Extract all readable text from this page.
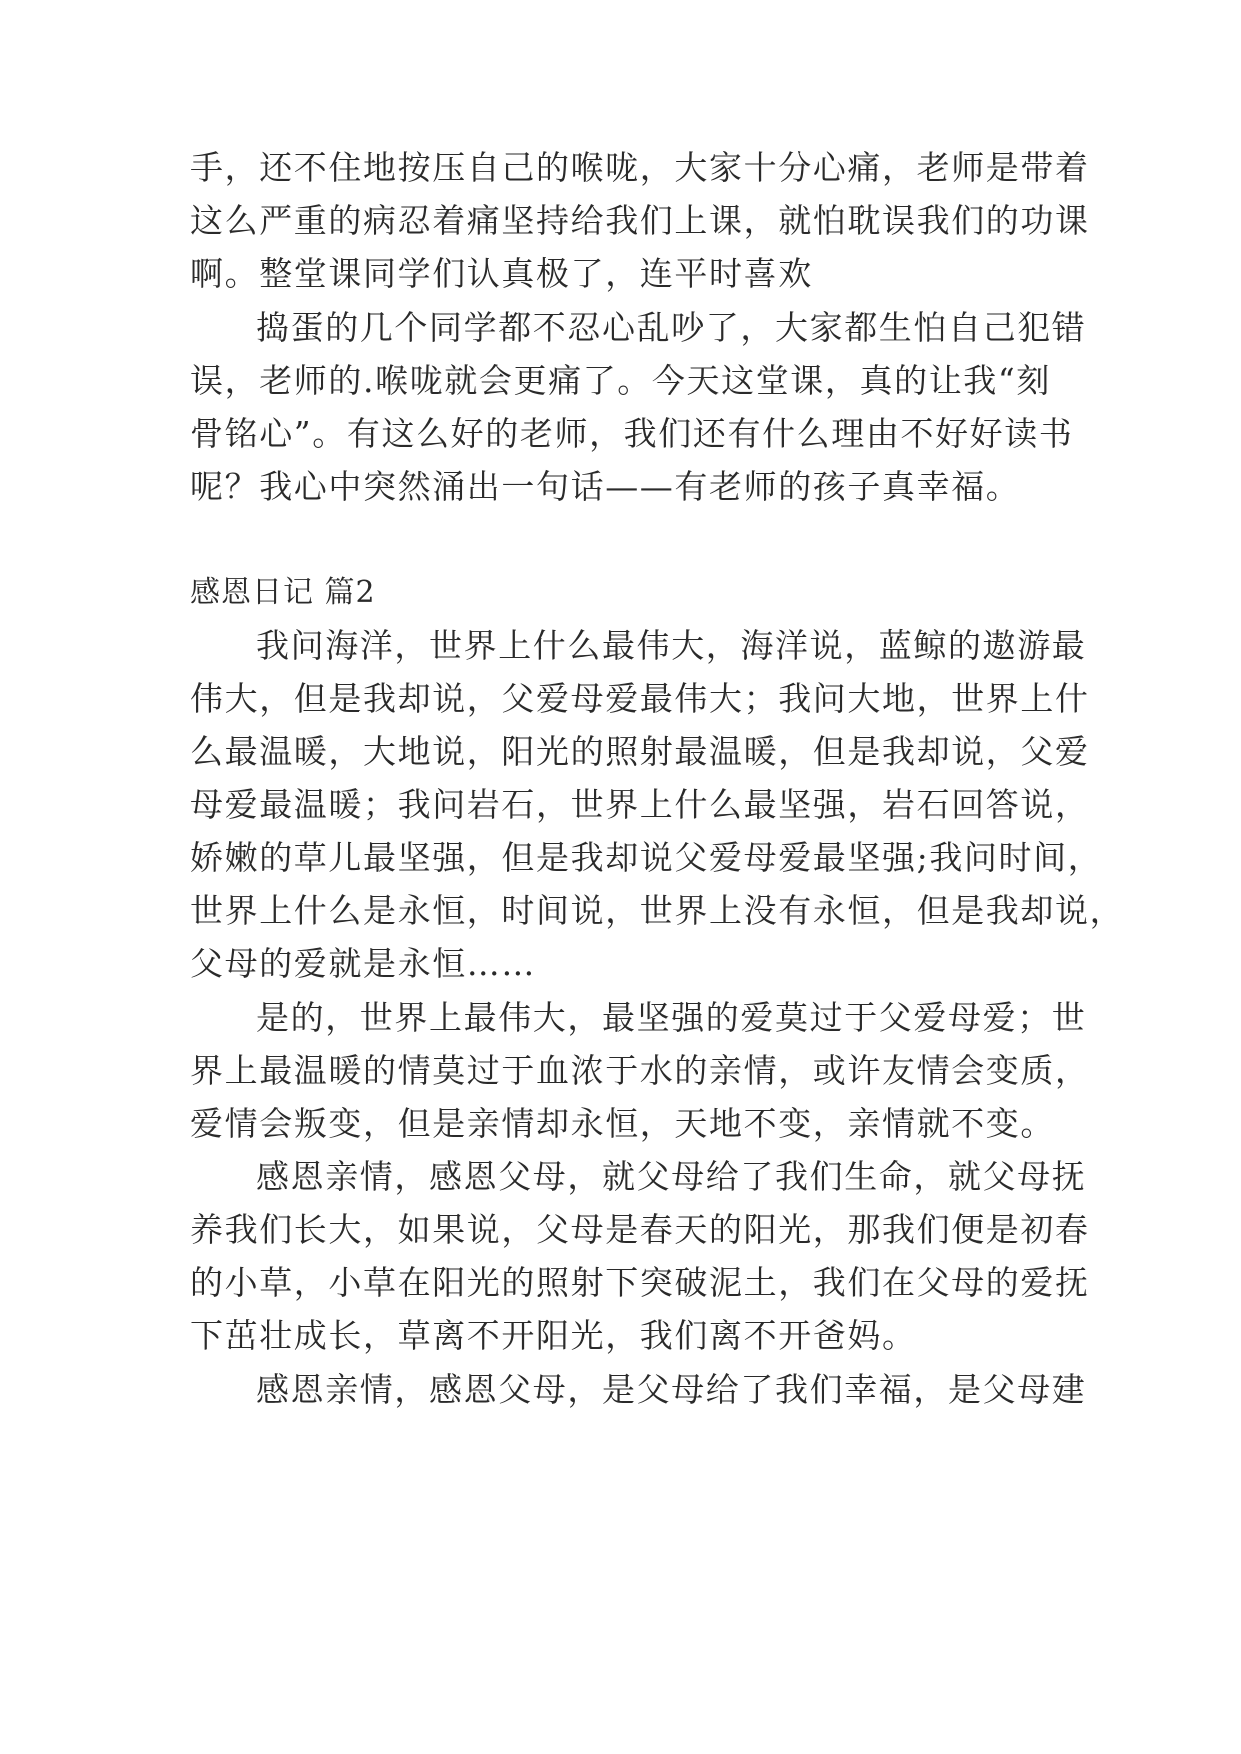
手，还不住地按压自己的喉咙，大家十分心痛，老师是带着
这么严重的病忍着痛坚持给我们上课，就怕耽误我们的功课
啊。整堂课同学们认真极了，连平时喜欢
捣蛋的几个同学都不忍心乱吵了，大家都生怕自己犯错
误，老师的.喉咙就会更痛了。今天这堂课，真的让我“刻
骨铭心”。有这么好的老师，我们还有什么理由不好好读书
呢？我心中突然涌出一句话——有老师的孩子真幸福。
感恩日记 篇2
我问海洋，世界上什么最伟大，海洋说，蓝鲸的遨游最
伟大，但是我却说，父爱母爱最伟大；我问大地，世界上什
么最温暖，大地说，阳光的照射最温暖，但是我却说，父爱
母爱最温暖；我问岩石，世界上什么最坚强，岩石回答说，
娇嫩的草儿最坚强，但是我却说父爱母爱最坚强;我问时间，
世界上什么是永恒，时间说，世界上没有永恒，但是我却说，
父母的爱就是永恒……
是的，世界上最伟大，最坚强的爱莫过于父爱母爱；世
界上最温暖的情莫过于血浓于水的亲情，或许友情会变质，
爱情会叛变，但是亲情却永恒，天地不变，亲情就不变。
感恩亲情，感恩父母，就父母给了我们生命，就父母抚
养我们长大，如果说，父母是春天的阳光，那我们便是初春
的小草，小草在阳光的照射下突破泥土，我们在父母的爱抚
下茁壮成长，草离不开阳光，我们离不开爸妈。
感恩亲情，感恩父母，是父母给了我们幸福，是父母建
